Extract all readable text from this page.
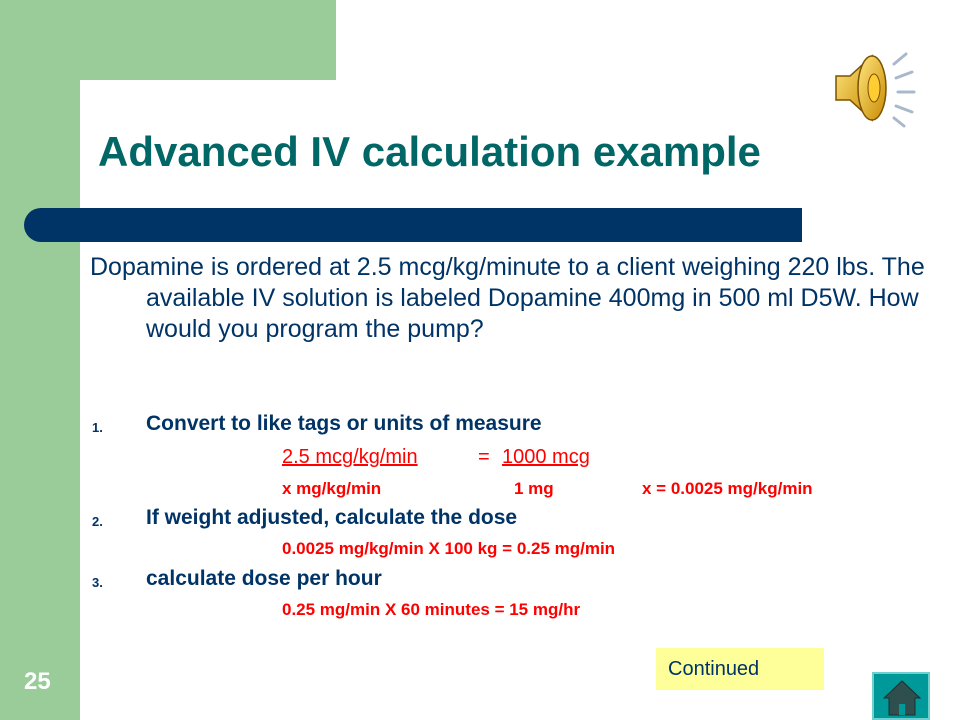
Advanced IV calculation example

Dopamine is ordered at 2.5 mcg/kg/minute to a client weighing 220 lbs. The available IV solution is labeled Dopamine 400mg in 500 ml D5W. How would you program the pump?

1. Convert to like tags or units of measure
2.5 mcg/kg/min	= 1000 mcg
x mg/kg/min	1 mg	x = 0.0025 mg/kg/min
2. If weight adjusted, calculate the dose
0.0025 mg/kg/min X 100 kg = 0.25 mg/min
3. calculate dose per hour
0.25 mg/min X 60 minutes = 15 mg/hr
Continued
25
